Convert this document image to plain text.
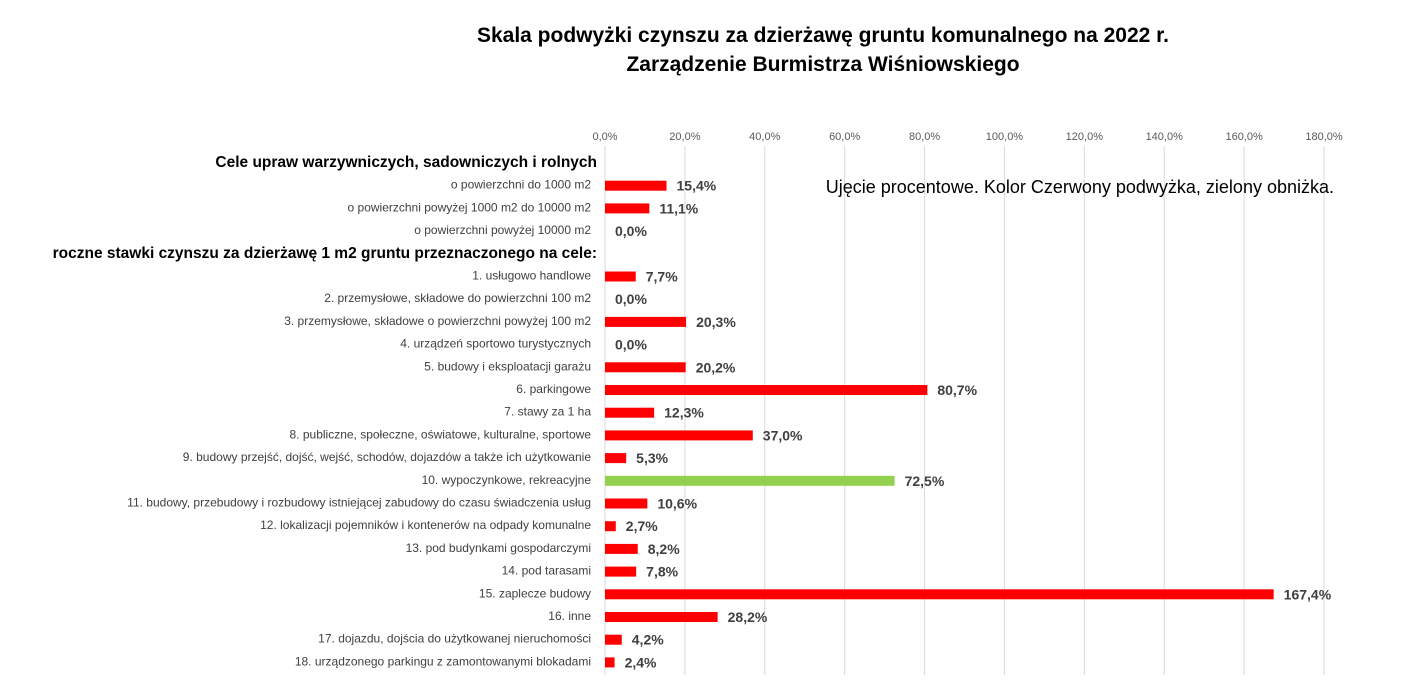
Skala podwyżki czynszu za dzierżawę gruntu komunalnego na 2022 r.
Zarządzenie Burmistrza Wiśniowskiego
0,0%	20,0%	40,0%	60,0%	80,0%	100,0%	120,0%	140,0%	160,0%	180,0%
Cele upraw warzywniczych, sadowniczych i rolnych
o powierzchni do 1000 m2	15,4%
o powierzchni powyżej 1000 m2 do 10000 m2	11,1%
o powierzchni powyżej 10000 m2 0,0%
roczne stawki czynszu za dzierżawę 1 m2 gruntu przeznaczonego na cele:
1. usługowo handlowe	7,7%
2. przemysłowe, składowe do powierzchni 100 m2 0,0%
3. przemysłowe, składowe o powierzchni powyżej 100 m2	20,3%
4. urządzeń sportowo turystycznych 0,0%
5. budowy i eksploatacji garażu	20,2%
6. parkingowe	80,7%
7. stawy za 1 ha	12,3%
8. publiczne, społeczne, oświatowe, kulturalne, sportowe	37,0%
9. budowy przejść, dojść, wejść, schodów, dojazdów a także ich użytkowanie	5,3%
10. wypoczynkowe, rekreacyjne	72,5%
11. budowy, przebudowy i rozbudowy istniejącej zabudowy do czasu świadczenia usług	10,6%
12. lokalizacji pojemników i kontenerów na odpady komunalne 2,7%
13. pod budynkami gospodarczymi	8,2%
14. pod tarasami	7,8%
15. zaplecze budowy	167,4%
16. inne	28,2%
17. dojazdu, dojścia do użytkowanej nieruchomości	4,2%
18. urządzonego parkingu z zamontowanymi blokadami 2,4%
Ujęcie procentowe. Kolor Czerwony podwyżka, zielony obniżka.
